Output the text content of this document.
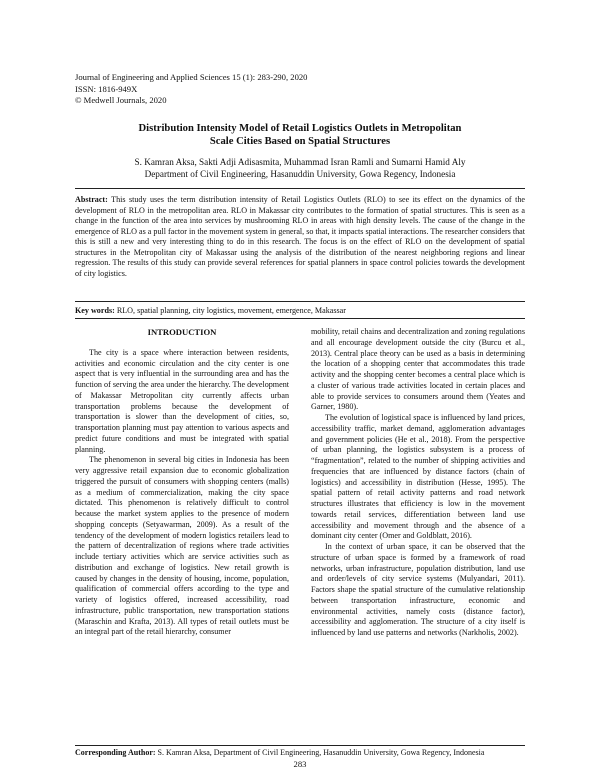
Journal of Engineering and Applied Sciences 15 (1): 283-290, 2020
ISSN: 1816-949X
© Medwell Journals, 2020
Distribution Intensity Model of Retail Logistics Outlets in Metropolitan
Scale Cities Based on Spatial Structures
S. Kamran Aksa, Sakti Adji Adisasmita, Muhammad Isran Ramli and Sumarni Hamid Aly
Department of Civil Engineering, Hasanuddin University, Gowa Regency, Indonesia
Abstract: This study uses the term distribution intensity of Retail Logistics Outlets (RLO) to see its effect on the dynamics of the development of RLO in the metropolitan area. RLO in Makassar city contributes to the formation of spatial structures. This is seen as a change in the function of the area into services by mushrooming RLO in areas with high density levels. The cause of the change in the emergence of RLO as a pull factor in the movement system in general, so that, it impacts spatial interactions. The researcher considers that this is still a new and very interesting thing to do in this research. The focus is on the effect of RLO on the development of spatial structures in the Metropolitan city of Makassar using the analysis of the distribution of the nearest neighboring regions and linear regression. The results of this study can provide several references for spatial planners in space control policies towards the development of city logistics.
Key words: RLO, spatial planning, city logistics, movement, emergence, Makassar
INTRODUCTION

The city is a space where interaction between residents, activities and economic circulation and the city center is one aspect that is very influential in the surrounding area and has the function of serving the area under the hierarchy. The development of Makassar Metropolitan city currently affects urban transportation problems because the development of transportation is slower than the development of cities, so, transportation planning must pay attention to various aspects and predict future conditions and must be integrated with spatial planning.

The phenomenon in several big cities in Indonesia has been very aggressive retail expansion due to economic globalization triggered the pursuit of consumers with shopping centers (malls) as a medium of commercialization, making the city space dictated. This phenomenon is relatively difficult to control because the market system applies to the presence of modern shopping concepts (Setyawarman, 2009). As a result of the tendency of the development of modern logistics retailers lead to the pattern of decentralization of regions where trade activities include tertiary activities which are service activities such as distribution and exchange of logistics. New retail growth is caused by changes in the density of housing, income, population, qualification of commercial offers according to the type and variety of logistics offered, increased accessibility, road infrastructure, public transportation, new transportation stations (Maraschin and Krafta, 2013). All types of retail outlets must be an integral part of the retail hierarchy, consumer

mobility, retail chains and decentralization and zoning regulations and all encourage development outside the city (Burcu et al., 2013). Central place theory can be used as a basis in determining the location of a shopping center that accommodates this trade activity and the shopping center becomes a central place which is a cluster of various trade activities located in certain places and able to provide services to consumers around them (Yeates and Garner, 1980).

The evolution of logistical space is influenced by land prices, accessibility traffic, market demand, agglomeration advantages and government policies (He et al., 2018). From the perspective of urban planning, the logistics subsystem is a process of “fragmentation”, related to the number of shipping activities and frequencies that are influenced by distance factors (chain of logistics) and accessibility in distribution (Hesse, 1995). The spatial pattern of retail activity patterns and road network structures illustrates that efficiency is low in the movement towards retail services, differentiation between land use accessibility and movement through and the absence of a dominant city center (Omer and Goldblatt, 2016).

In the context of urban space, it can be observed that the structure of urban space is formed by a framework of road networks, urban infrastructure, population distribution, land use and order/levels of city service systems (Mulyandari, 2011). Factors shape the spatial structure of the cumulative relationship between transportation infrastructure, economic and environmental activities, namely costs (distance factor), accessibility and agglomeration. The structure of a city itself is influenced by land use patterns and networks (Narkholis, 2002).

Corresponding Author: S. Kamran Aksa, Department of Civil Engineering, Hasanuddin University, Gowa Regency, Indonesia
283
